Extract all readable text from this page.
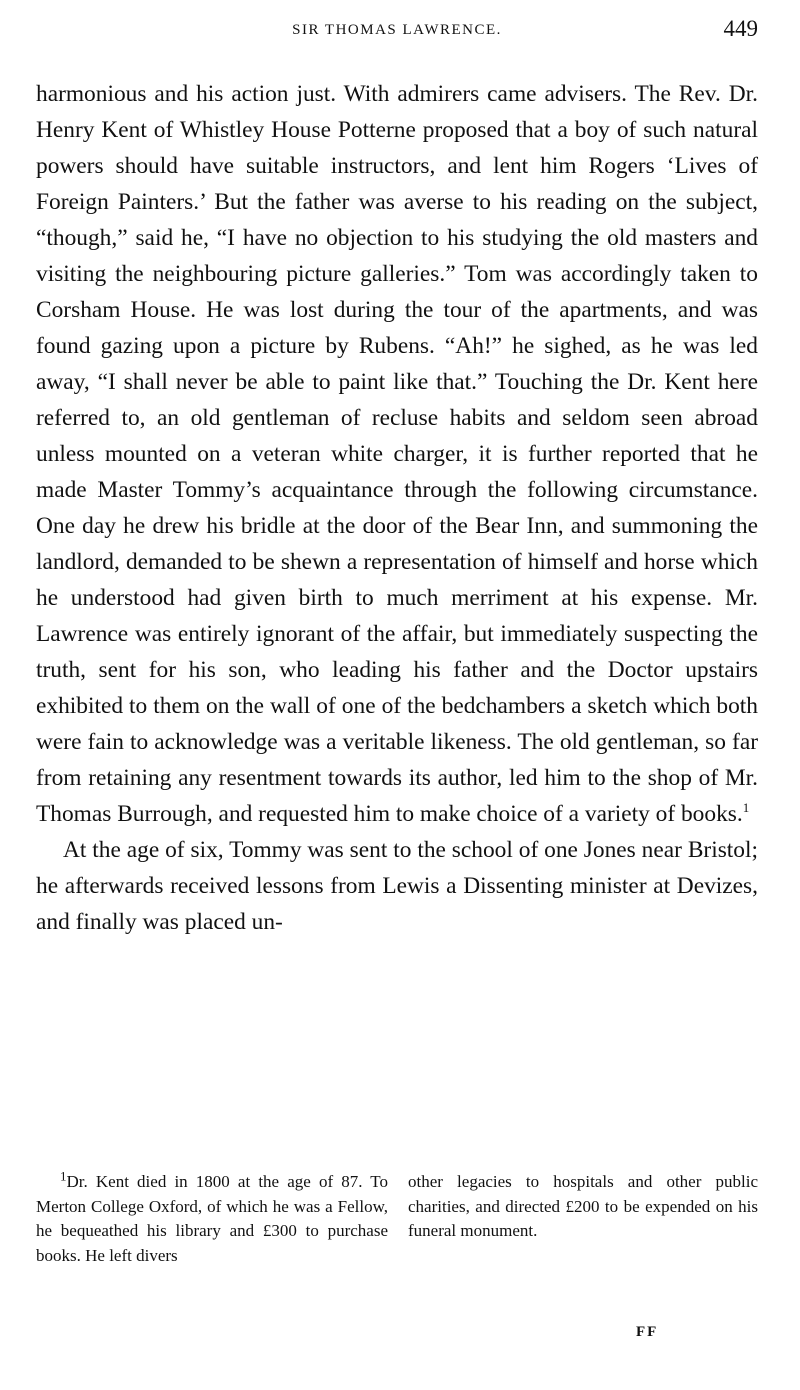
SIR THOMAS LAWRENCE.	449

harmonious and his action just. With admirers came advisers. The Rev. Dr. Henry Kent of Whistley House Potterne proposed that a boy of such natural powers should have suitable instructors, and lent him Rogers ‘Lives of Foreign Painters.’ But the father was averse to his reading on the subject, “though,” said he, “I have no objection to his studying the old masters and visiting the neighbouring picture galleries.” Tom was accordingly taken to Corsham House. He was lost during the tour of the apartments, and was found gazing upon a picture by Rubens. “Ah!” he sighed, as he was led away, “I shall never be able to paint like that.” Touching the Dr. Kent here referred to, an old gentleman of recluse habits and seldom seen abroad unless mounted on a veteran white charger, it is further reported that he made Master Tommy’s acquaintance through the following circumstance. One day he drew his bridle at the door of the Bear Inn, and summoning the landlord, demanded to be shewn a representation of himself and horse which he understood had given birth to much merriment at his expense. Mr. Lawrence was entirely ignorant of the affair, but immediately suspecting the truth, sent for his son, who leading his father and the Doctor upstairs exhibited to them on the wall of one of the bedchambers a sketch which both were fain to acknowledge was a veritable likeness. The old gentleman, so far from retaining any resentment towards its author, led him to the shop of Mr. Thomas Burrough, and requested him to make choice of a variety of books.$^1$

At the age of six, Tommy was sent to the school of one Jones near Bristol; he afterwards received lessons from Lewis a Dissenting minister at Devizes, and finally was placed un-

$^1$Dr. Kent died in 1800 at the age of 87. To Merton College Oxford, of which he was a Fellow, he bequeathed his library and £300 to purchase books. He left divers
other legacies to hospitals and other public charities, and directed £200 to be expended on his funeral monument.
FF
